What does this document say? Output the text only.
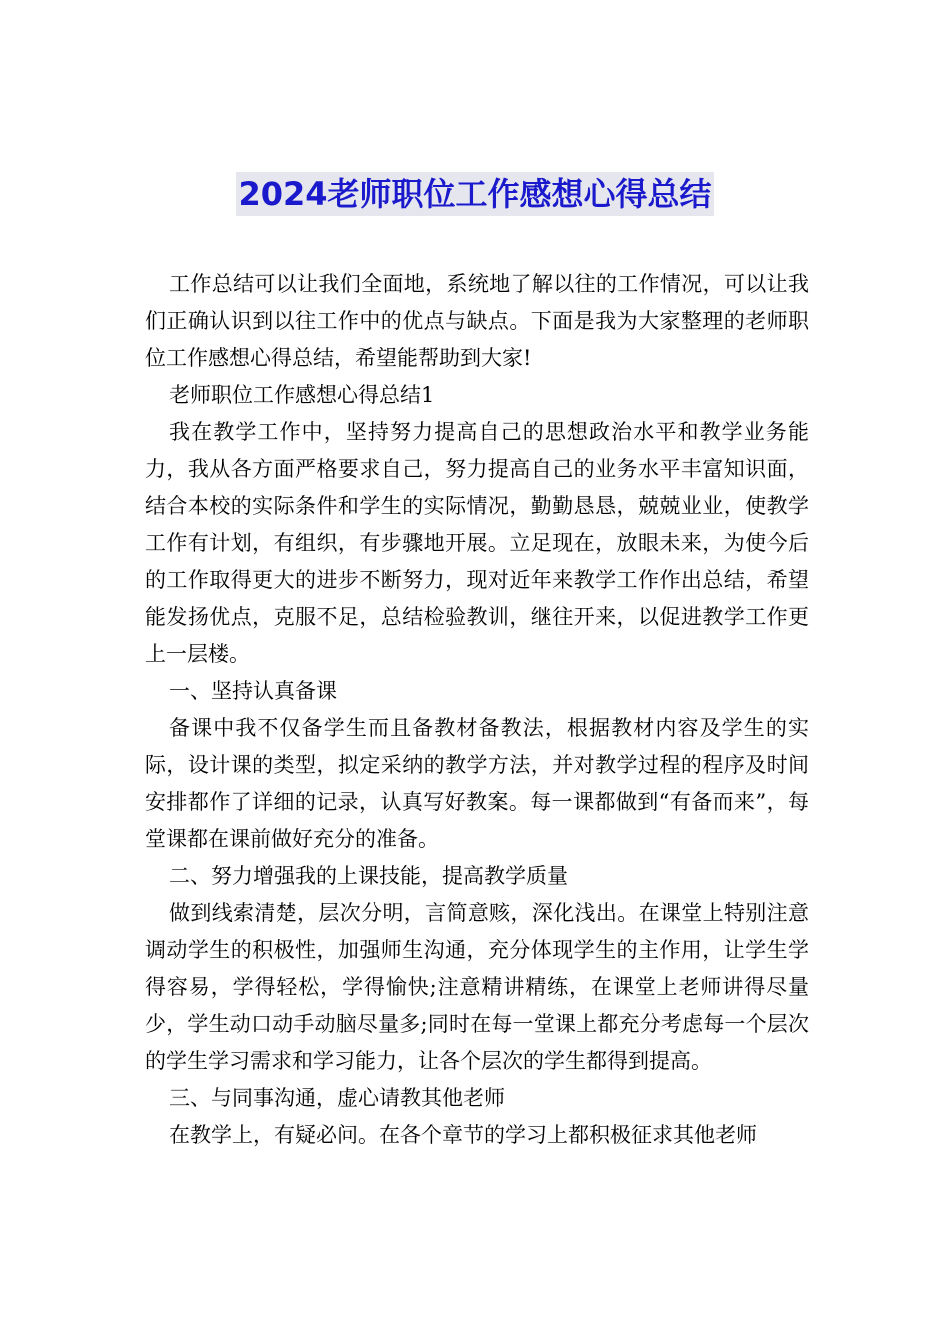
2024老师职位工作感想心得总结

工作总结可以让我们全面地，系统地了解以往的工作情况，可以让我们正确认识到以往工作中的优点与缺点。下面是我为大家整理的老师职位工作感想心得总结，希望能帮助到大家!

老师职位工作感想心得总结1

我在教学工作中，坚持努力提高自己的思想政治水平和教学业务能力，我从各方面严格要求自己，努力提高自己的业务水平丰富知识面，结合本校的实际条件和学生的实际情况，勤勤恳恳，兢兢业业，使教学工作有计划，有组织，有步骤地开展。立足现在，放眼未来，为使今后的工作取得更大的进步不断努力，现对近年来教学工作作出总结，希望能发扬优点，克服不足，总结检验教训，继往开来，以促进教学工作更上一层楼。

一、坚持认真备课

备课中我不仅备学生而且备教材备教法，根据教材内容及学生的实际，设计课的类型，拟定采纳的教学方法，并对教学过程的程序及时间安排都作了详细的记录，认真写好教案。每一课都做到“有备而来”，每堂课都在课前做好充分的准备。

二、努力增强我的上课技能，提高教学质量

做到线索清楚，层次分明，言简意赅，深化浅出。在课堂上特别注意调动学生的积极性，加强师生沟通，充分体现学生的主作用，让学生学得容易，学得轻松，学得愉快;注意精讲精练，在课堂上老师讲得尽量少，学生动口动手动脑尽量多;同时在每一堂课上都充分考虑每一个层次的学生学习需求和学习能力，让各个层次的学生都得到提高。

三、与同事沟通，虚心请教其他老师

在教学上，有疑必问。在各个章节的学习上都积极征求其他老师
